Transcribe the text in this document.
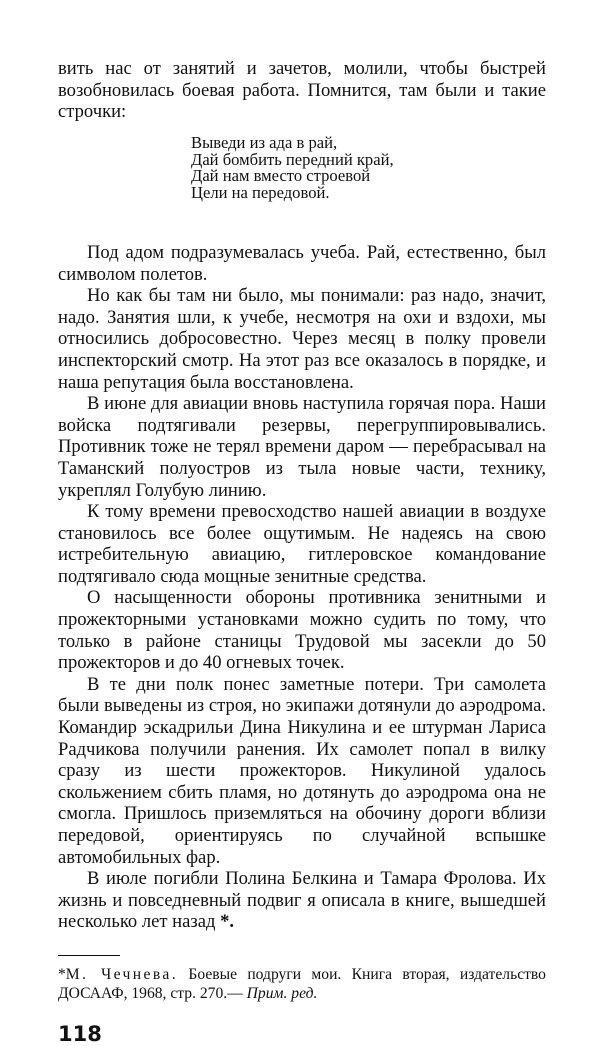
вить нас от занятий и зачетов, молили, чтобы быстрей возобновилась боевая работа. Помнится, там были и такие строчки:

Выведи из ада в рай,
Дай бомбить передний край,
Дай нам вместо строевой
Цели на передовой.

Под адом подразумевалась учеба. Рай, естественно, был символом полетов.

Но как бы там ни было, мы понимали: раз надо, значит, надо. Занятия шли, к учебе, несмотря на охи и вздохи, мы относились добросовестно. Через месяц в полку провели инспекторский смотр. На этот раз все оказалось в порядке, и наша репутация была восстановлена.

В июне для авиации вновь наступила горячая пора. Наши войска подтягивали резервы, перегруппировывались. Противник тоже не терял времени даром — перебрасывал на Таманский полуостров из тыла новые части, технику, укреплял Голубую линию.

К тому времени превосходство нашей авиации в воздухе становилось все более ощутимым. Не надеясь на свою истребительную авиацию, гитлеровское командование подтягивало сюда мощные зенитные средства.

О насыщенности обороны противника зенитными и прожекторными установками можно судить по тому, что только в районе станицы Трудовой мы засекли до 50 прожекторов и до 40 огневых точек.

В те дни полк понес заметные потери. Три самолета были выведены из строя, но экипажи дотянули до аэродрома. Командир эскадрильи Дина Никулина и ее штурман Лариса Радчикова получили ранения. Их самолет попал в вилку сразу из шести прожекторов. Никулиной удалось скольжением сбить пламя, но дотянуть до аэродрома она не смогла. Пришлось приземляться на обочину дороги вблизи передовой, ориентируясь по случайной вспышке автомобильных фар.

В июле погибли Полина Белкина и Тамара Фролова. Их жизнь и повседневный подвиг я описала в книге, вышедшей несколько лет назад *.

*М. Чечнева. Боевые подруги мои. Книга вторая, издательство ДОСААФ, 1968, стр. 270.— Прим. ред.

118
